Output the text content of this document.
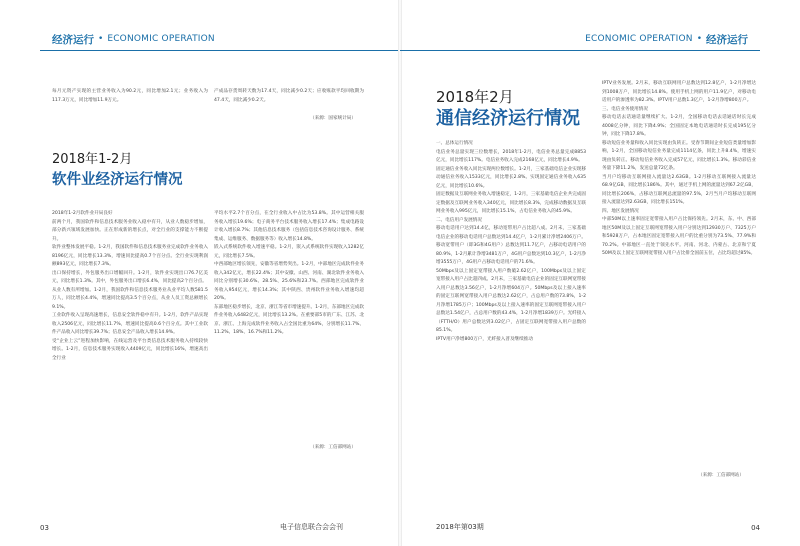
经济运行 • ECONOMIC OPERATION
每月元资产实现的主营业务收入为90.2元，同比增加2.1元；业务收入为117.3万元，同比增加11.9万元。
产成品存货周转天数为17.4天，同比减少0.2天；应收账款平均回收期为47.4天，同比减少0.2天。
（来源：国家统计局）
2018年1-2月
软件业经济运行情况
2018年1-2月软件业开局良好
前两个月，我国软件和信息技术服务业收入稳中有升，从业人数稳步增加，部分新兴领域发展加快。正在形成新的增长点，对全行业的支撑能力不断提升。
软件业整体发展平稳。1-2月，我国软件和信息技术服务业完成软件业务收入8196亿元，同比增长13.3%，增速同比提高0.7个百分点。全行业实现利润额893亿元，同比增长7.3%。
出口保持增长，外包服务出口增幅回升。1-2月，软件业实现出口76.7亿美元，同比增长1.3%。其中，外包服务出口增长6.4%，同比提高2个百分点。
从业人数有所增加。1-2月，我国软件和信息技术服务业从业平均人数581.5万人，同比增长4.4%，增速同比提高3.5个百分点，从业人员工资总额增长9.1%。
工业软件收入呈现高速增长，信息安全软件稳中有升。1-2月，软件产品实现收入2506亿元，同比增长11.7%，增速同比提高0.6个百分点。其中工业软件产品收入同比增长39.7%；信息安全产品收入增长14.9%。
受“企业上云”进程加快影响，在线运营及平台类信息技术服务收入持续较快增长。1-2月，信息技术服务实现收入4409亿元，同比增长16%，增速高出全行业
平均水平2.7个百分点，在全行业收入中占比为53.8%。其中运营相关服务收入增长19.6%；电子商务平台技术服务收入增长17.4%；集成电路设计收入增长8.7%；其他信息技术服务（包括信息技术咨询设计服务、系统集成、运维服务、数据服务等）收入增长14.8%。
嵌入式系统软件收入增速平稳。1-2月，嵌入式系统软件实现收入1282亿元，同比增长7.5%。
中西部地区增长领先，安徽等省增势突出。1-2月，中部地区完成软件业务收入342亿元，增长22.4%；其中安徽、山西、河南、湖北软件业务收入同比分别增长30.6%、28.5%、25.6%和23.7%。西部地区完成软件业务收入954亿元，增长14.3%；其中陕西、贵州软件业务收入增速均超20%。
东部地区稳步增长，北京、浙江等省市增速提升。1-2月，东部地区完成软件业务收入6482亿元，同比增长13.2%。在重要部5市的广东、江苏、北京、浙江、上海完成软件业务收入占全国比重为64%，分别增长11.7%、11.2%、18%、16.7%和11.2%。
（来源：工信部网站）
03	电子信息联合会会刊
ECONOMIC OPERATION • 经济运行
2018年2月
通信经济运行情况
一、总体运行情况
电信业务总量实现三位数增长，2018年1-2月，电信业务总量完成8853亿元，同比增长117%。电信业务收入完成2168亿元，同比增长4.9%。
固定通信业务收入同比实现两位数增长。1-2月，三家基础电信企业实现移动通信业务收入1533亿元，同比增长2.8%。实现固定通信业务收入635亿元，同比增长10.6%。
固定数据及互联网业务收入增速稳定，1-2月，三家基础电信企业共完成固定数据及互联网业务收入340亿元，同比增长8.3%，完成移动数据及互联网业务收入995亿元，同比增长15.1%，占电信业务收入的45.9%。
二、电信用户发展情况
移动电话用户达到14.4亿，移动宽带用户占比超八成。2月末，三家基础电信企业的移动电话用户总数达到14.4亿户，1-2月累计净增2406万户。移动宽带用户（即3G和4G用户）总数达到11.7亿户，占移动电话用户的80.9%，1-2月累计净增3481万户，4G用户总数达到10.3亿户，1-2月净增3555万户，4G用户占移动电话用户的71.6%。
50Mbps及以上固定宽带接入用户数破2.62亿户，100Mbps及以上固定宽带接入用户占比超四成。2月末，三家基础电信企业的固定互联网宽带接入用户总数达3.56亿户，1-2月净增604万户。50Mbps及以上接入速率的固定互联网宽带接入用户总数达2.62亿户，占总用户数的73.8%，1-2月净增1785万户；100Mbps及以上接入速率的固定互联网宽带接入用户总数达1.54亿户，占总用户数的43.4%，1-2月净增1839万户。光纤接入（FTTH/O）用户总数达到3.02亿户，占固定互联网宽带接入用户总数的85.1%。
IPTV用户净增800万户，光纤接入普及继续推动
IPTV业务发展。2月末，移动互联网用户总数达到12.8亿户，1-2月净增达到1008万户，同比增长14.8%。使用手机上网的用户11.9亿户，对移动电话用户的渗透率为82.3%。IPTV用户总数1.3亿户，1-2月净增800万户。
三、电信业务使用情况
移动电话去话通话量继续扩大。1-2月，全国移动电话去话通话时长完成4008亿分钟，同比下降4.9%；全国固定本地电话通话时长完成195亿分钟，同比下降17.8%。
移动短信业务量和收入同比实现由负转正。受春节期间企业短信类量增加影响，1-2月，全国移动短信业务量完成1114亿条，同比上升8.4%，增速实现由负转正。移动短信业务收入完成57亿元，同比增长1.3%。移动彩信业务量下降11.2%，发送总量72亿条。
当月户均移动互联网接入流量达2.63GB。1-2月移动互联网接入流量达68.9亿GB，同比增长186%。其中，通过手机上网的流量达到67.2亿GB，同比增长206%，占移动互联网总流量的97.5%，2月当月户均移动互联网接入流量达到2.63GB，同比增长151%。
四、地区发展情况
中部50M以上速率固定宽带接入用户占比保持领先。2月末，东、中、西部地区50M及以上固定互联网宽带接入用户分别达到12930万户、7325万户和5928万户，占本地区固定宽带接入用户的比重分别为73.5%、77.9%和70.2%。中部地区一直处于领先水平。河南、河北、内蒙古、北京和宁夏50M及以上固定互联网宽带接入用户占比排全国前五位，占比均超过85%。
（来源：工信部网站）
2018年第03期	04
